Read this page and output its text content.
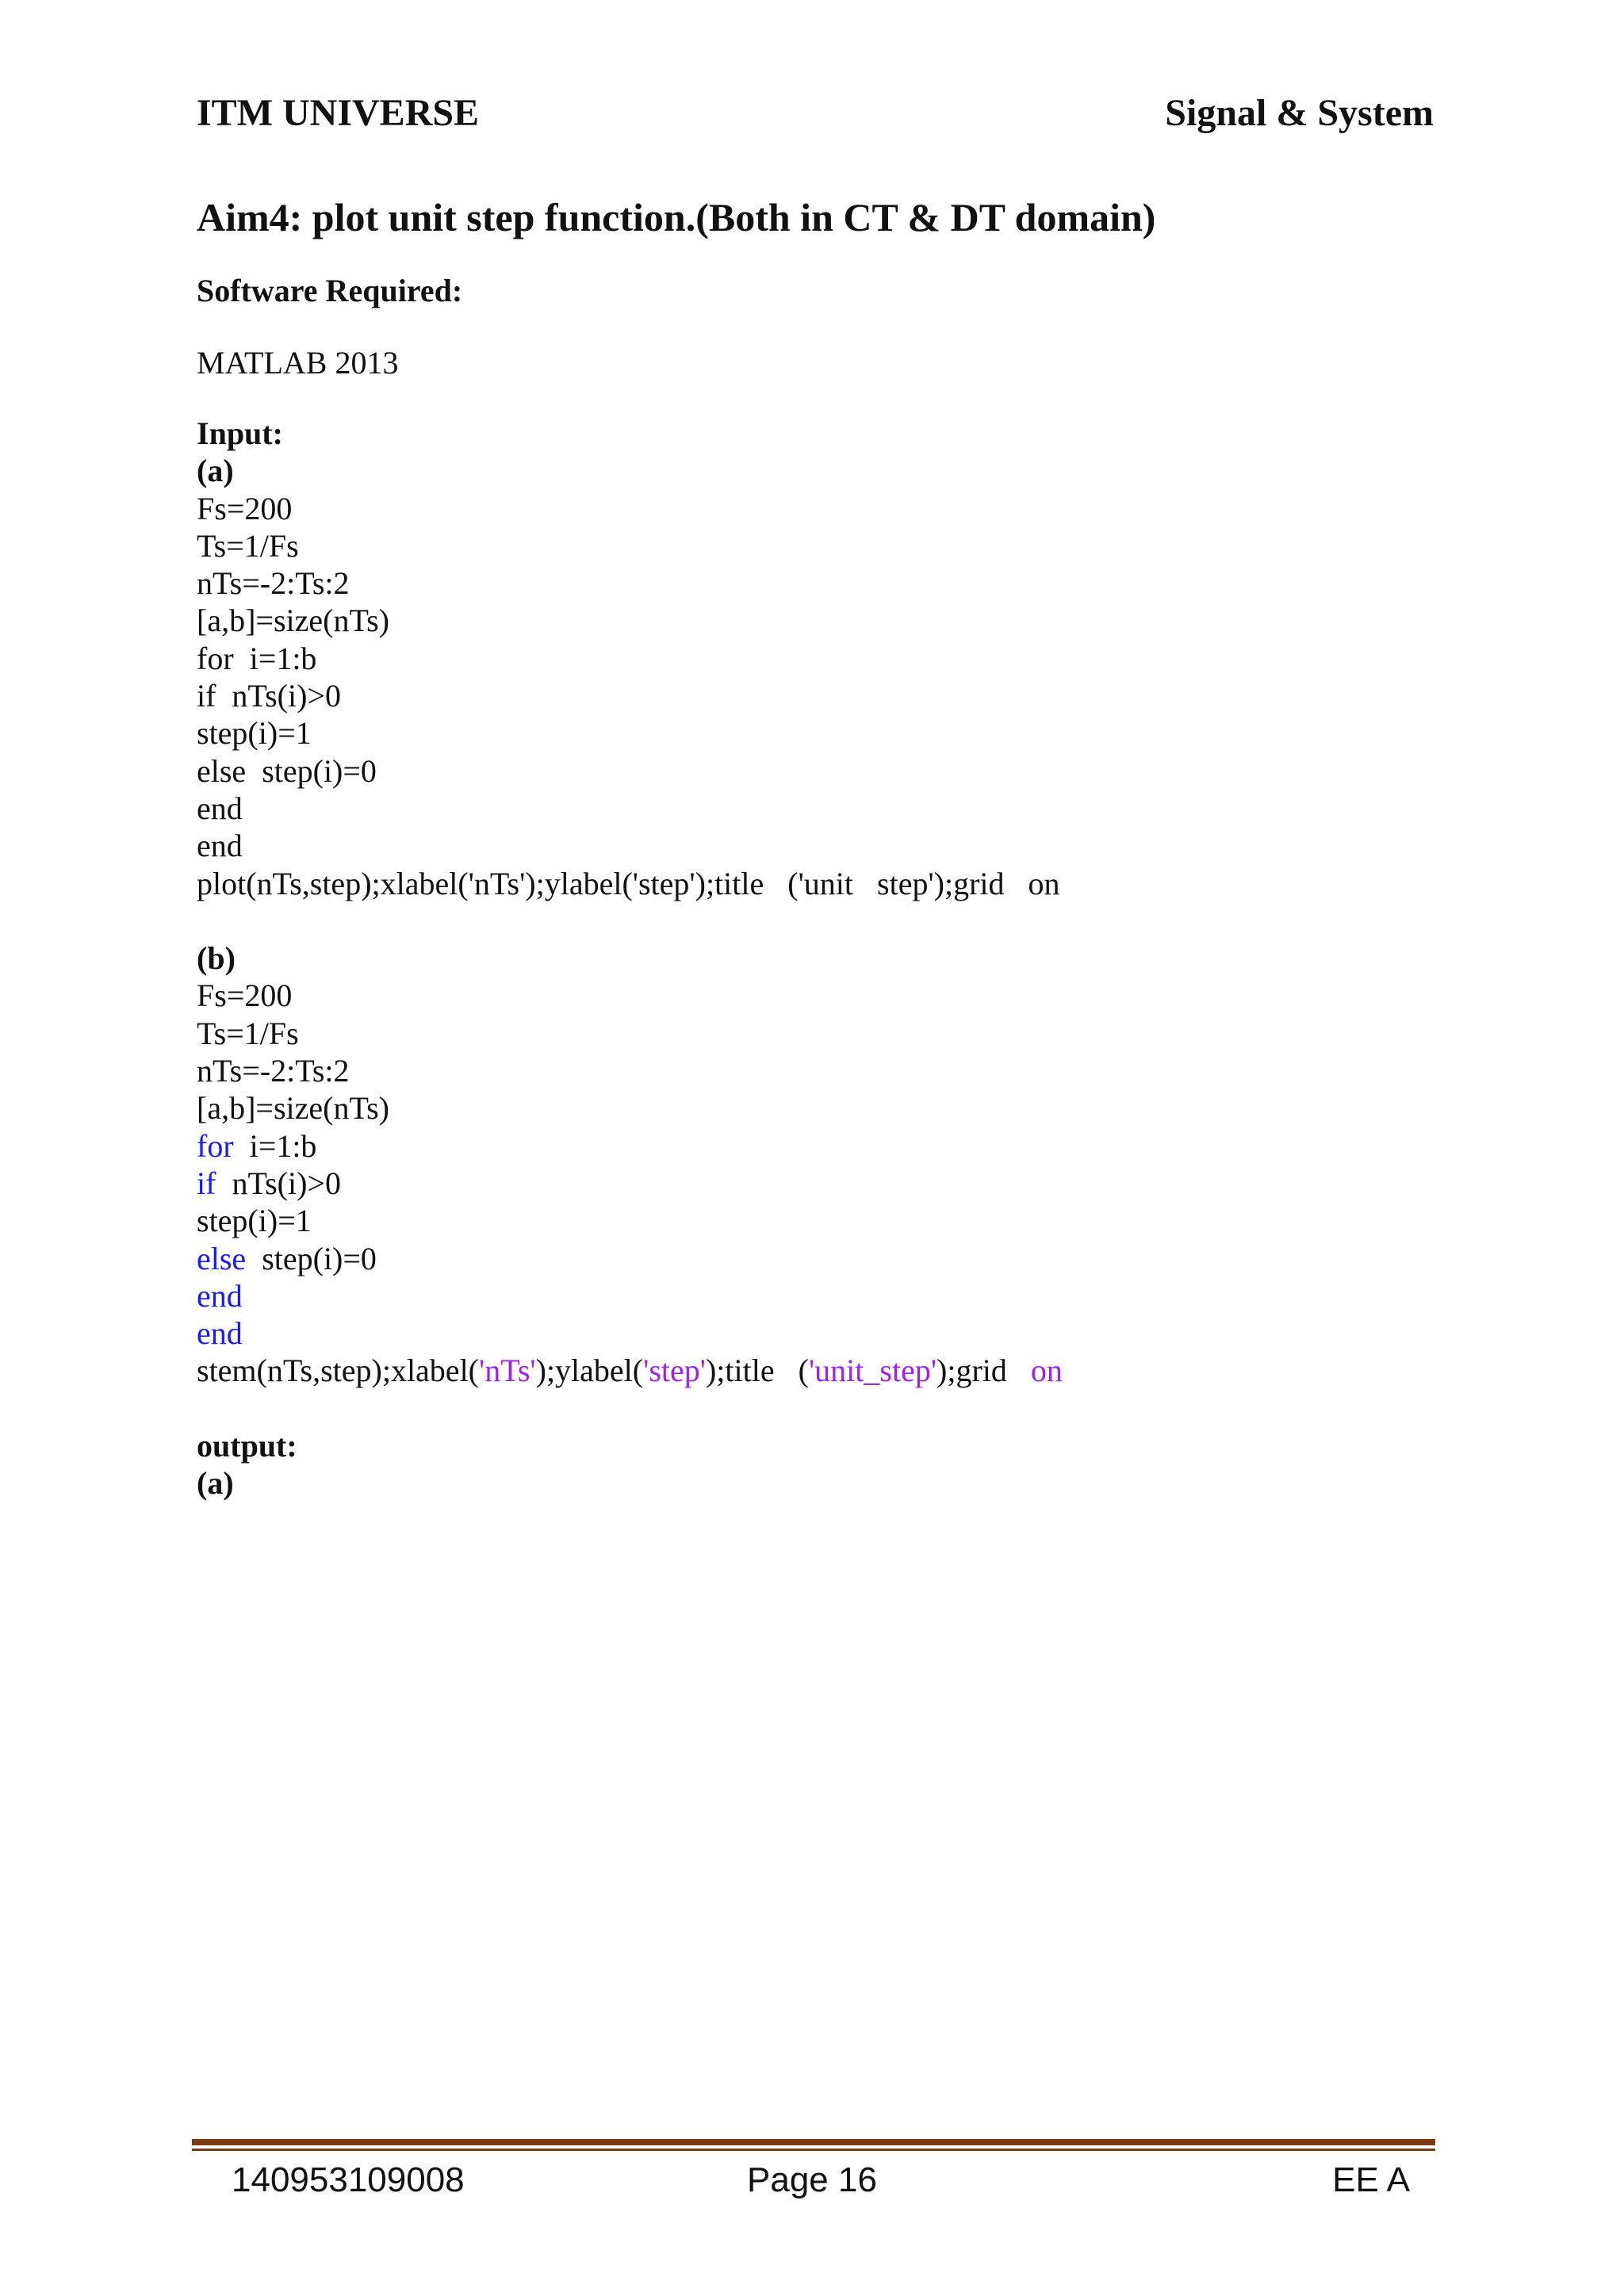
ITM UNIVERSE	Signal & System
Aim4: plot unit step function.(Both in CT & DT domain)
Software Required:
MATLAB 2013
Input:
(a)
Fs=200
Ts=1/Fs
nTs=-2:Ts:2
[a,b]=size(nTs)
for  i=1:b
if  nTs(i)>0
step(i)=1
else  step(i)=0
end
end
plot(nTs,step);xlabel('nTs');ylabel('step');title   ('unit   step');grid   on
(b)
Fs=200
Ts=1/Fs
nTs=-2:Ts:2
[a,b]=size(nTs)
for  i=1:b
if  nTs(i)>0
step(i)=1
else  step(i)=0
end
end
stem(nTs,step);xlabel('nTs');ylabel('step');title   ('unit_step');grid   on
output:
(a)
140953109008	Page 16	EE A
